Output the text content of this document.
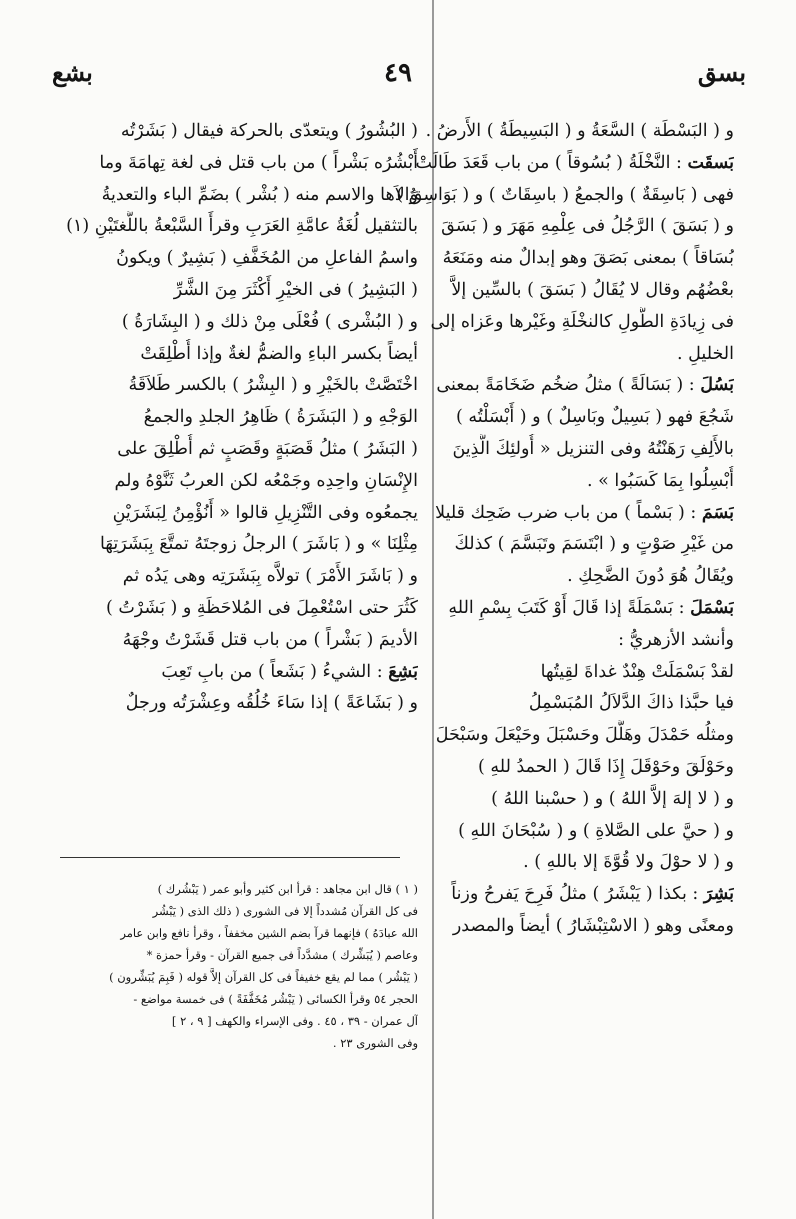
بسق
٤٩
بشع
و ( البَسْطَة ) السَّعَةُ و ( البَسِيطَةُ ) الأَرضُ .
بَسقَت : النَّخْلَةُ ( بُسُوقاً ) من باب قَعَدَ طَالَتْ
فهى ( بَاسِقَةٌ ) والجمعُ ( باسِقَاتٌ ) و ( بَوَاسِقُ )
و ( بَسَقَ ) الرَّجُلُ فى عِلْمِهِ مَهَرَ و ( بَسَقَ
بُسَاقاً ) بمعنى بَصَقَ وهو إبدالٌ منه ومَنَعَهُ
بعْضُهُم وقال لا يُقَالُ ( بَسَقَ ) بالسِّين إلاَّ
فى زِيادَةِ الطُّولِ كالنخْلَةِ وغَيْرها وعَزاه إلى
الخليلِ .
بَسُلَ : ( بَسَالَةً ) مثلُ ضخُم ضَخَامَةً بمعنى
شَجُعَ فهو ( بَسِيلٌ وبَاسِلٌ ) و ( أَبْسَلْتُه )
بالأَلِفِ رَهَنْتُهُ وفى التنزيل « أُولئِكَ الَّذِينَ
أُبْسِلُوا بِمَا كَسَبُوا » .
بَسَمَ : ( بَسْماً ) من باب ضرب ضَحِك قليلا
من غَيْرِ صَوْتٍ و ( ابْتَسَمَ وتَبَسَّمَ ) كذلكَ
ويُقَالُ هُوَ دُونَ الضَّحِكِ .
بَسْمَلَ : بَسْمَلَةً إذا قَالَ أَوْ كَتَبَ بِسْمِ اللهِ
وأنشد الأزهريُّ :
لقدْ بَسْمَلَتْ هِنْدٌ غداةَ لقِيتُها
فيا حبَّذا ذاكَ الدَّلاَلُ المُبَسْمِلُ
ومثلُه حَمْدَلَ وهَلَّلَ وحَسْبَلَ وحَيْعَلَ وسَبْحَلَ
وحَوْلَقَ وحَوْقَلَ إِذَا قَالَ ( الحمدُ للهِ )
و ( لا إلهَ إلاَّ اللهُ ) و ( حسْبنا اللهُ )
و ( حيَّ على الصَّلاةِ ) و ( سُبْحَانَ اللهِ )
و ( لا حوْلَ ولا قُوَّةَ إلا باللهِ ) .
بَشِرَ : بكذا ( يَبْشَرُ ) مثلُ فَرِحَ يَفرحُ وزناً
ومعنًى وهو ( الاسْتِبْشَارُ ) أيضاً والمصدر
( البُشُورُ ) ويتعدّى بالحركة فيقال ( بَشَرْتُه
أَبْشُرُه بَشْراً ) من باب قتل فى لغة تِهامَةَ وما
وَالاَها والاسم منه ( بُشْر ) بضَمِّ الباء والتعديةُ
بالتثقيل لُغَةُ عامَّةِ العَرَبِ وقرأَ السَّبْعةُ باللُّغتَيْنِ (١)
واسمُ الفاعلِ من المُخَفَّفِ ( بَشِيرٌ ) ويكونُ
( البَشِيرُ ) فى الخيْرِ أَكْثَرَ مِنَ الشَّرِّ
و ( البُشْرى ) فُعْلَى مِنْ ذلك و ( البِشَارَةُ )
أيضاً بكسر الباءِ والضمُّ لغةٌ وإذا أُطْلِقَتْ
اخْتَصَّتْ بالخَيْرِ و ( البِشْرُ ) بالكسر طَلاَقَةُ
الوَجْهِ و ( البَشَرَةُ ) ظَاهِرُ الجلدِ والجمعُ
( البَشَرُ ) مثلُ قَصَبَةٍ وقَصَبٍ ثم أُطْلِقَ على
الإِنْسَانِ واحِدِه وجَمْعُه لكن العربُ ثَنَّوْهُ ولم
يجمعُوه وفى التَّنْزِيلِ قالوا « أَنُؤْمِنُ لِبَشَرَيْنِ
مِثْلِنَا » و ( بَاشَرَ ) الرجلُ زوجتَهُ تمتَّعَ بِبَشَرَتِهَا
و ( بَاشَرَ الأَمْرَ ) تولاَّه بِبَشَرَتِه وهى يَدُه ثم
كَثُرَ حتى اسْتُعْمِلَ فى المُلاحَظَةِ و ( بَشَرْتُ )
الأديمَ ( بَشْراً ) من باب قتل قَشَرْتُ وجْهَهُ
بَشِعَ : الشيءُ ( بَشَعاً ) من بابِ تَعِبَ
و ( بَشَاعَةً ) إذا سَاءَ خُلُقُه وعِشْرَتُه ورجلٌ
( ١ ) قال ابن مجاهد : قرأ ابن كثير وأبو عمر ( يَبْشُرك )
فى كل القرآن مُشدداً إلا فى الشورى ( ذلك الذى ( يَبْشُر
الله عبادَهُ ) فإنهما قرآ بضم الشين مخففاً ، وقرأ نافع وابن عامر
وعاصم ( يُبَشِّرك ) مشدَّداً فى جميع القرآن - وقرأ حمزة *
( يَبْشُر ) مما لم يقع خفيفاً فى كل القرآن إلاَّ قوله ( فَبِمَ يُبَشِّرون )
الحجر ٥٤ وقرأ الكسائى ( يَبْشُر مُخَفَّفَةً ) فى خمسة مواضع -
آل عمران - ٣٩ ، ٤٥ . وفى الإسراء والكهف [ ٩ ، ٢ ]
وفى الشورى ٢٣ .
